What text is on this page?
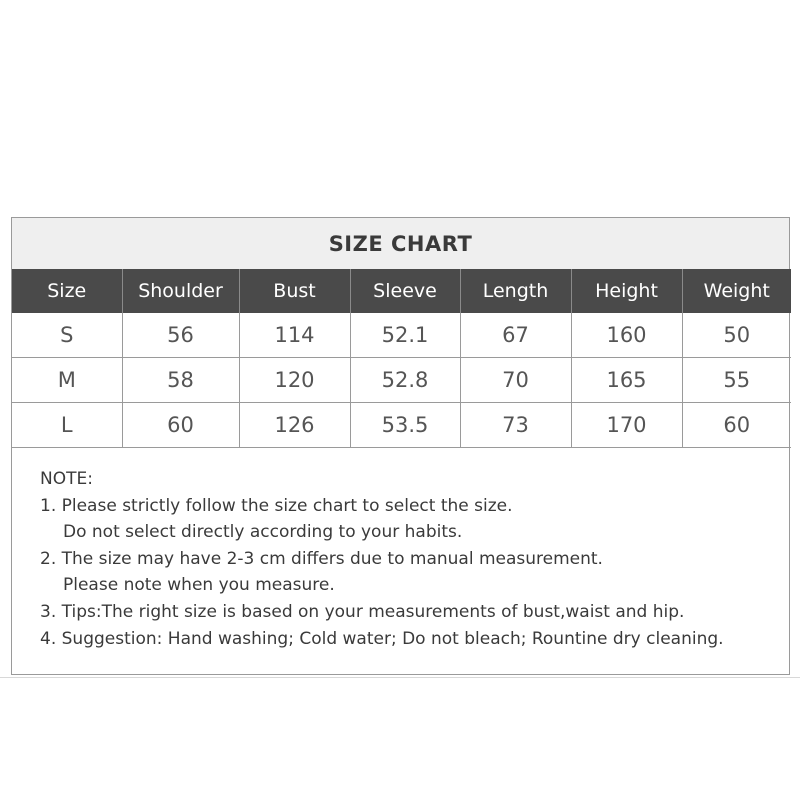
SIZE CHART
Size	Shoulder	Bust	Sleeve	Length	Height	Weight
S	56	114	52.1	67	160	50
M	58	120	52.8	70	165	55
L	60	126	53.5	73	170	60
NOTE:
1. Please strictly follow the size chart to select the size.
Do not select directly according to your habits.
2. The size may have 2-3 cm differs due to manual measurement.
Please note when you measure.
3. Tips:The right size is based on your measurements of bust,waist and hip.
4. Suggestion: Hand washing; Cold water; Do not bleach; Rountine dry cleaning.
